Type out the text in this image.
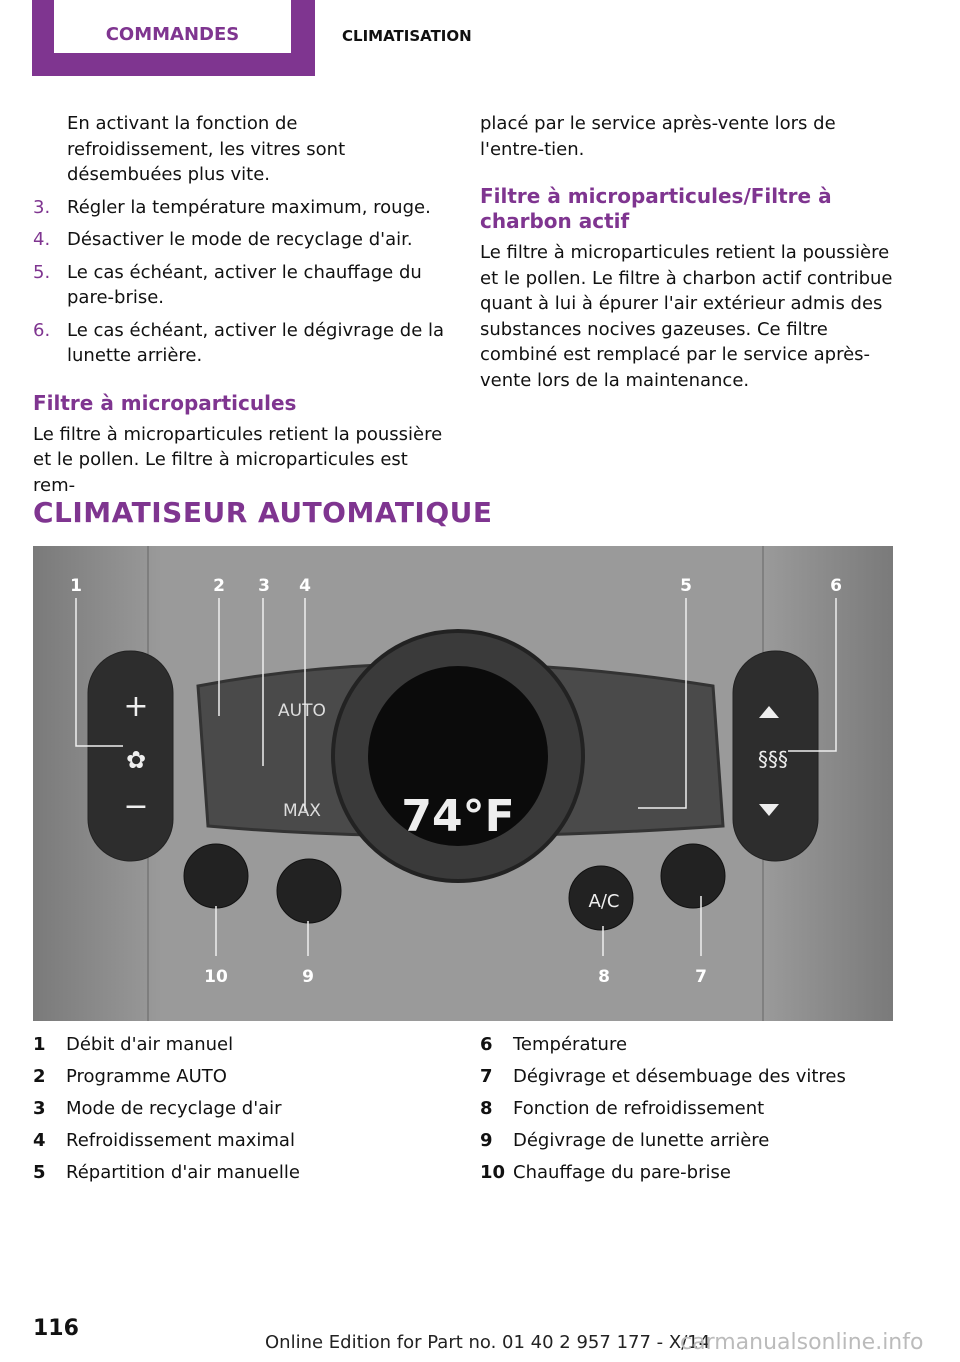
COMMANDES	CLIMATISATION

En activant la fonction de refroidissement, les vitres sont désembuées plus vite.

3. Régler la température maximum, rouge.
4. Désactiver le mode de recyclage d'air.
5. Le cas échéant, activer le chauffage du pare-brise.
6. Le cas échéant, activer le dégivrage de la lunette arrière.
Filtre à microparticules

Le filtre à microparticules retient la poussière et le pollen. Le filtre à microparticules est rem-

placé par le service après-vente lors de l'entre-tien.

Filtre à microparticules/Filtre à charbon actif

Le filtre à microparticules retient la poussière et le pollen. Le filtre à charbon actif contribue quant à lui à épurer l'air extérieur admis des substances nocives gazeuses. Ce filtre combiné est remplacé par le service après-vente lors de la maintenance.

CLIMATISEUR AUTOMATIQUE
+
−
✿	§§§
74°F
AUTO
MAX
A/C
1	2 3 4	5	6
7
8
9
10
1	Débit d'air manuel
2	Programme AUTO
3	Mode de recyclage d'air
4	Refroidissement maximal
5	Répartition d'air manuelle
6	Température
7	Dégivrage et désembuage des vitres
8	Fonction de refroidissement
9	Dégivrage de lunette arrière
10 Chauffage du pare-brise
116
Online Edition for Part no. 01 40 2 957 177 - X/14
carmanualsonline.info
